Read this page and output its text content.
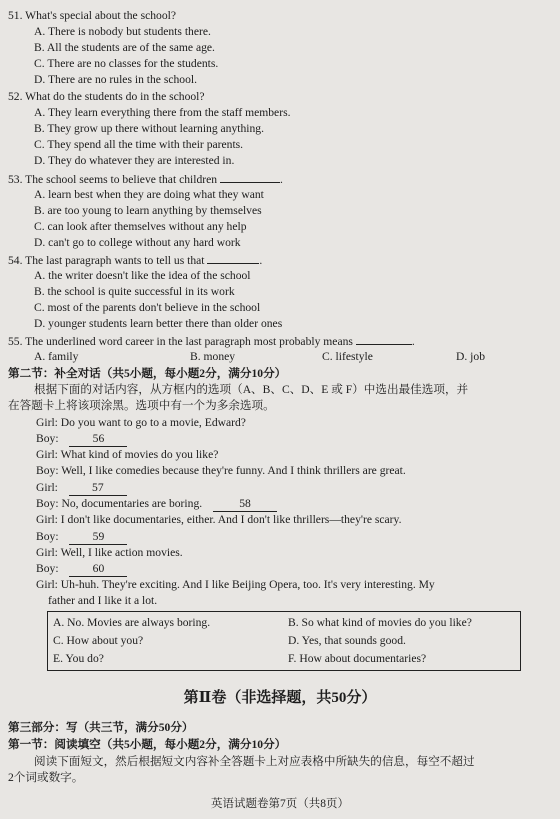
51. What's special about the school?
A. There is nobody but students there.
B. All the students are of the same age.
C. There are no classes for the students.
D. There are no rules in the school.
52. What do the students do in the school?
A. They learn everything there from the staff members.
B. They grow up there without learning anything.
C. They spend all the time with their parents.
D. They do whatever they are interested in.
53. The school seems to believe that children	.
A. learn best when they are doing what they want
B. are too young to learn anything by themselves
C. can look after themselves without any help
D. can't go to college without any hard work
54. The last paragraph wants to tell us that	.
A. the writer doesn't like the idea of the school
B. the school is quite successful in its work
C. most of the parents don't believe in the school
D. younger students learn better there than older ones
55. The underlined word career in the last paragraph most probably means	.
A. family	B. money	C. lifestyle	D. job
第二节：补全对话（共5小题，每小题2分，满分10分）
根据下面的对话内容，从方框内的选项（A、B、C、D、E 或 F）中选出最佳选项，并
在答题卡上将该项涂黑。选项中有一个为多余选项。
Girl: Do you want to go to a movie, Edward?
Boy:	56
Girl: What kind of movies do you like?
Boy: Well, I like comedies because they're funny. And I think thrillers are great.
Girl:	57
Boy: No, documentaries are boring.	58
Girl: I don't like documentaries, either. And I don't like thrillers—they're scary.
Boy:	59
Girl: Well, I like action movies.
Boy:	60
Girl: Uh-huh. They're exciting. And I like Beijing Opera, too. It's very interesting. My
father and I like it a lot.
A. No. Movies are always boring.	B. So what kind of movies do you like?
C. How about you?	D. Yes, that sounds good.
E. You do?	F. How about documentaries?
第Ⅱ卷（非选择题，共50分）
第三部分：写（共三节，满分50分）
第一节：阅读填空（共5小题，每小题2分，满分10分）
阅读下面短文，然后根据短文内容补全答题卡上对应表格中所缺失的信息，每空不超过
2个词或数字。
英语试题卷第7页（共8页）
